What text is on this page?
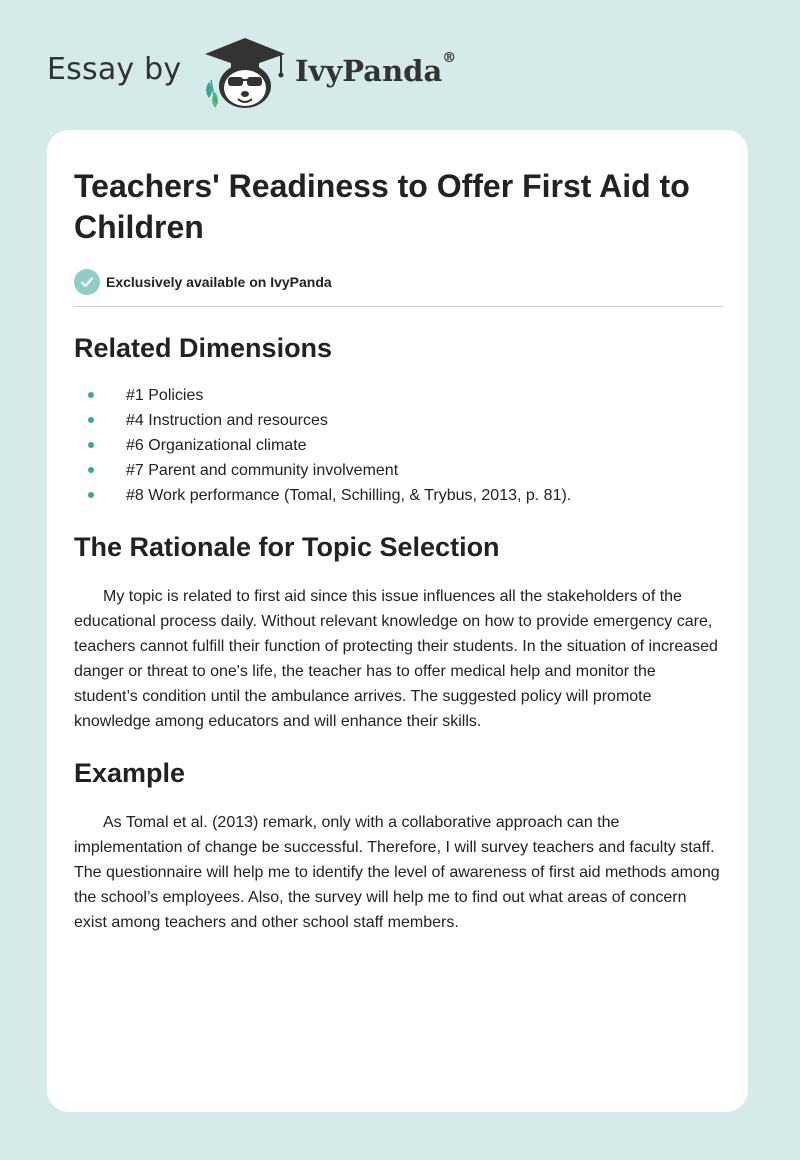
Essay by	IvyPanda®
Teachers' Readiness to Offer First Aid to Children
Exclusively available on IvyPanda
Related Dimensions
#1 Policies
#4 Instruction and resources
#6 Organizational climate
#7 Parent and community involvement
#8 Work performance (Tomal, Schilling, & Trybus, 2013, p. 81).
The Rationale for Topic Selection

My topic is related to first aid since this issue influences all the stakeholders of the educational process daily. Without relevant knowledge on how to provide emergency care, teachers cannot fulfill their function of protecting their students. In the situation of increased danger or threat to one's life, the teacher has to offer medical help and monitor the student’s condition until the ambulance arrives. The suggested policy will promote knowledge among educators and will enhance their skills.

Example

As Tomal et al. (2013) remark, only with a collaborative approach can the implementation of change be successful. Therefore, I will survey teachers and faculty staff. The questionnaire will help me to identify the level of awareness of first aid methods among the school’s employees. Also, the survey will help me to find out what areas of concern exist among teachers and other school staff members.
